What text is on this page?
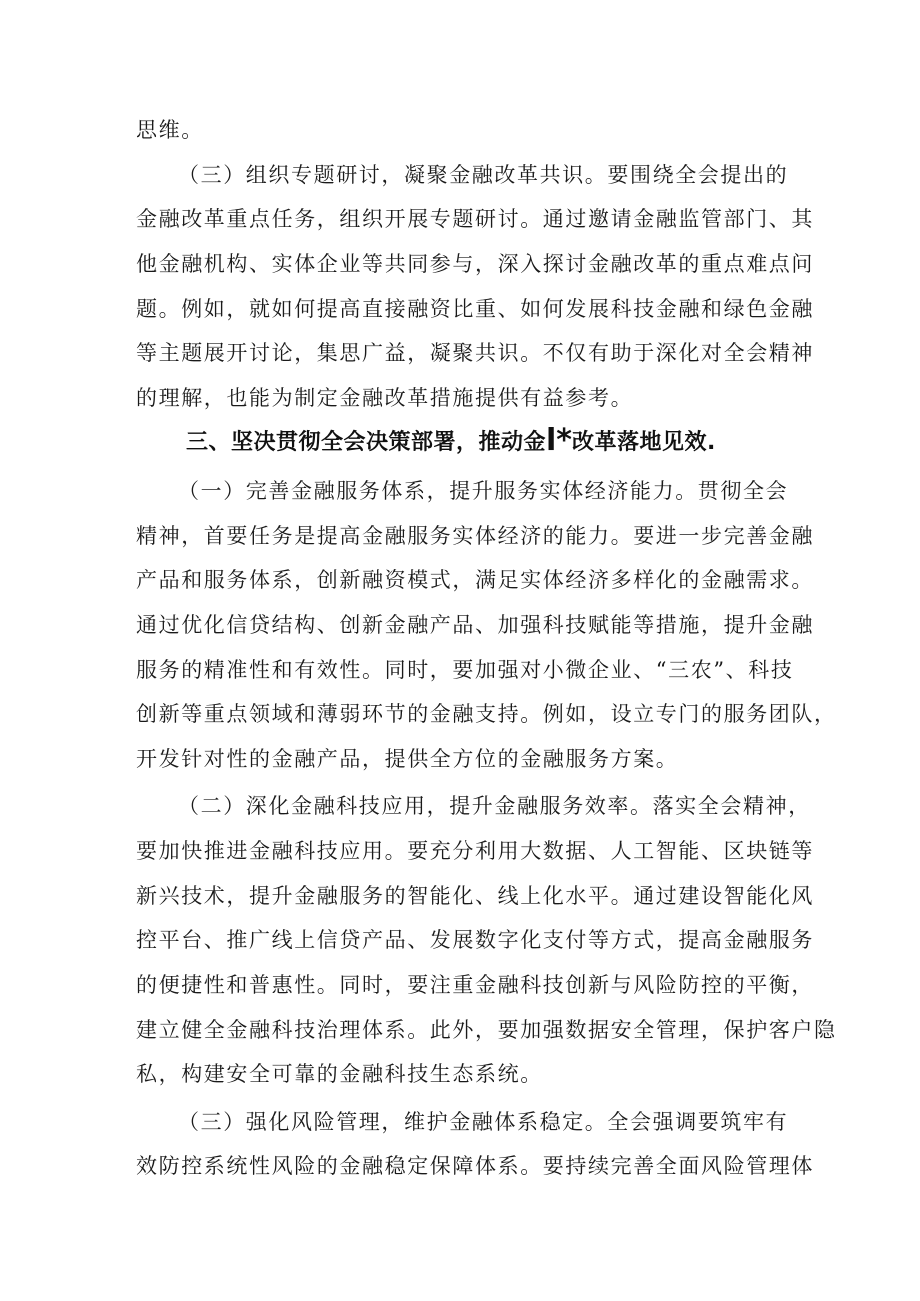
思维。
（三）组织专题研讨，凝聚金融改革共识。要围绕全会提出的
金融改革重点任务，组织开展专题研讨。通过邀请金融监管部门、其
他金融机构、实体企业等共同参与，深入探讨金融改革的重点难点问
题。例如，就如何提高直接融资比重、如何发展科技金融和绿色金融
等主题展开讨论，集思广益，凝聚共识。不仅有助于深化对全会精神
的理解，也能为制定金融改革措施提供有益参考。
三、坚决贯彻全会决策部署，推动金l*改革落地见效.
（一）完善金融服务体系，提升服务实体经济能力。贯彻全会
精神，首要任务是提高金融服务实体经济的能力。要进一步完善金融
产品和服务体系，创新融资模式，满足实体经济多样化的金融需求。
通过优化信贷结构、创新金融产品、加强科技赋能等措施，提升金融
服务的精准性和有效性。同时，要加强对小微企业、“三农”、科技
创新等重点领域和薄弱环节的金融支持。例如，设立专门的服务团队，
开发针对性的金融产品，提供全方位的金融服务方案。
（二）深化金融科技应用，提升金融服务效率。落实全会精神，
要加快推进金融科技应用。要充分利用大数据、人工智能、区块链等
新兴技术，提升金融服务的智能化、线上化水平。通过建设智能化风
控平台、推广线上信贷产品、发展数字化支付等方式，提高金融服务
的便捷性和普惠性。同时，要注重金融科技创新与风险防控的平衡，
建立健全金融科技治理体系。此外，要加强数据安全管理，保护客户隐
私，构建安全可靠的金融科技生态系统。
（三）强化风险管理，维护金融体系稳定。全会强调要筑牢有
效防控系统性风险的金融稳定保障体系。要持续完善全面风险管理体
